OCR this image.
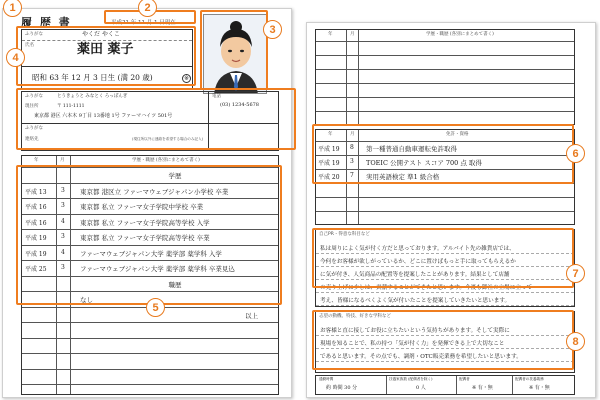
履 歴 書	平成21 年 11 月 1 日現在
ふりがな	やくだ やくこ
氏名	薬田 薬子
昭和 63 年 12 月 3 日生 (満 20 歳)	※
ふりがな	とうきょうと みなとく ろっぽんぎ
現住所	〒 111-1111
東京都 港区 六本木 9丁目 13番地 1号 ファーマハイツ 501号
ふりがな
連絡先	(現住所以外に連絡を希望する場合のみ記入)
電話
(03) 1234-5678
年	月	学歴・職歴 (各別にまとめて書く)
学歴
平成 13 3 東京都 港区立 ファーマウェブジャパン小学校 卒業
平成 16 3 東京都 私立 ファーマ女子学院中学校 卒業
平成 16 4 東京都 私立 ファーマ女子学院高等学校 入学
平成 19 3 東京都 私立 ファーマ女子学院高等学校 卒業
平成 19 4 ファーマウェブジャパン大学 薬学部 薬学科 入学
平成 25 3 ファーマウェブジャパン大学 薬学部 薬学科 卒業見込
職歴
なし
以上
年	月	学歴・職歴 (各別にまとめて書く)
年	月	免許・資格
平成 19 8 第一種普通自動車運転免許取得
平成 19 3 TOEIC 公開テスト スコア 700 点 取得
平成 20 7 実用英語検定 準1 級合格
自己PR・得意な科目など
私は周りによく気が付く方だと思っております。アルバイト先の雑貨店では、
今何をお客様が欲しがっているか、どこに置けばもっと手に取ってもらえるか
に気が付き、人気商品の配置等を提案したことがあります。結果として店舗
の売り上げに少しは、貢献することができたと思います。今後も御社の立場に立って
考え、皆様になるべくよく気が付いたことを提案していきたいと思います。
志望の動機、特技、好きな学科など
お客様と直に接してお役に立ちたいという気持ちがあります。そして実際に
現場を知ることで、私の持つ「気が付く力」を発揮できる上で大切なこと
であると思います。その点でも、調剤・OTC販売業務を希望したいと思います。
通勤時間
約 時間 30 分
扶養家族数 (配偶者を除く)
0 人
配偶者
※ 有・無
配偶者の扶養義務
※ 有・無
1	2
3
4
5
6
7
8
